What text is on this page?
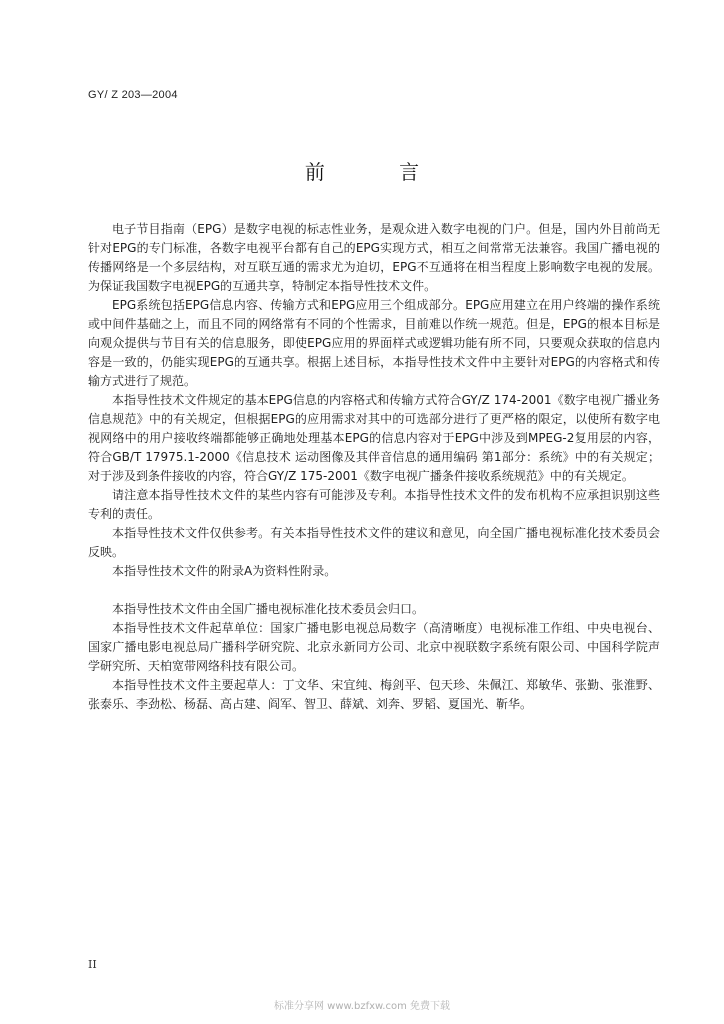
GY/ Z 203—2004
前 言

电子节目指南（EPG）是数字电视的标志性业务，是观众进入数字电视的门户。但是，国内外目前尚无针对EPG的专门标准，各数字电视平台都有自己的EPG实现方式，相互之间常常无法兼容。我国广播电视的传播网络是一个多层结构，对互联互通的需求尤为迫切，EPG不互通将在相当程度上影响数字电视的发展。为保证我国数字电视EPG的互通共享，特制定本指导性技术文件。

EPG系统包括EPG信息内容、传输方式和EPG应用三个组成部分。EPG应用建立在用户终端的操作系统或中间件基础之上，而且不同的网络常有不同的个性需求，目前难以作统一规范。但是，EPG的根本目标是向观众提供与节目有关的信息服务，即使EPG应用的界面样式或逻辑功能有所不同，只要观众获取的信息内容是一致的，仍能实现EPG的互通共享。根据上述目标，本指导性技术文件中主要针对EPG的内容格式和传输方式进行了规范。

本指导性技术文件规定的基本EPG信息的内容格式和传输方式符合GY/Z 174-2001《数字电视广播业务信息规范》中的有关规定，但根据EPG的应用需求对其中的可选部分进行了更严格的限定，以使所有数字电视网络中的用户接收终端都能够正确地处理基本EPG的信息内容对于EPG中涉及到MPEG-2复用层的内容，符合GB/T 17975.1-2000《信息技术 运动图像及其伴音信息的通用编码 第1部分：系统》中的有关规定；对于涉及到条件接收的内容，符合GY/Z 175-2001《数字电视广播条件接收系统规范》中的有关规定。

请注意本指导性技术文件的某些内容有可能涉及专利。本指导性技术文件的发布机构不应承担识别这些专利的责任。

本指导性技术文件仅供参考。有关本指导性技术文件的建议和意见，向全国广播电视标准化技术委员会反映。

本指导性技术文件的附录A为资料性附录。

本指导性技术文件由全国广播电视标准化技术委员会归口。

本指导性技术文件起草单位：国家广播电影电视总局数字（高清晰度）电视标准工作组、中央电视台、国家广播电影电视总局广播科学研究院、北京永新同方公司、北京中视联数字系统有限公司、中国科学院声学研究所、天柏宽带网络科技有限公司。

本指导性技术文件主要起草人：丁文华、宋宜纯、梅剑平、包天珍、朱佩江、郑敏华、张勤、张淮野、张泰乐、李劲松、杨磊、高占建、阎军、智卫、薛斌、刘奔、罗韬、夏国光、靳华。

II
标准分享网 www.bzfxw.com 免费下载
